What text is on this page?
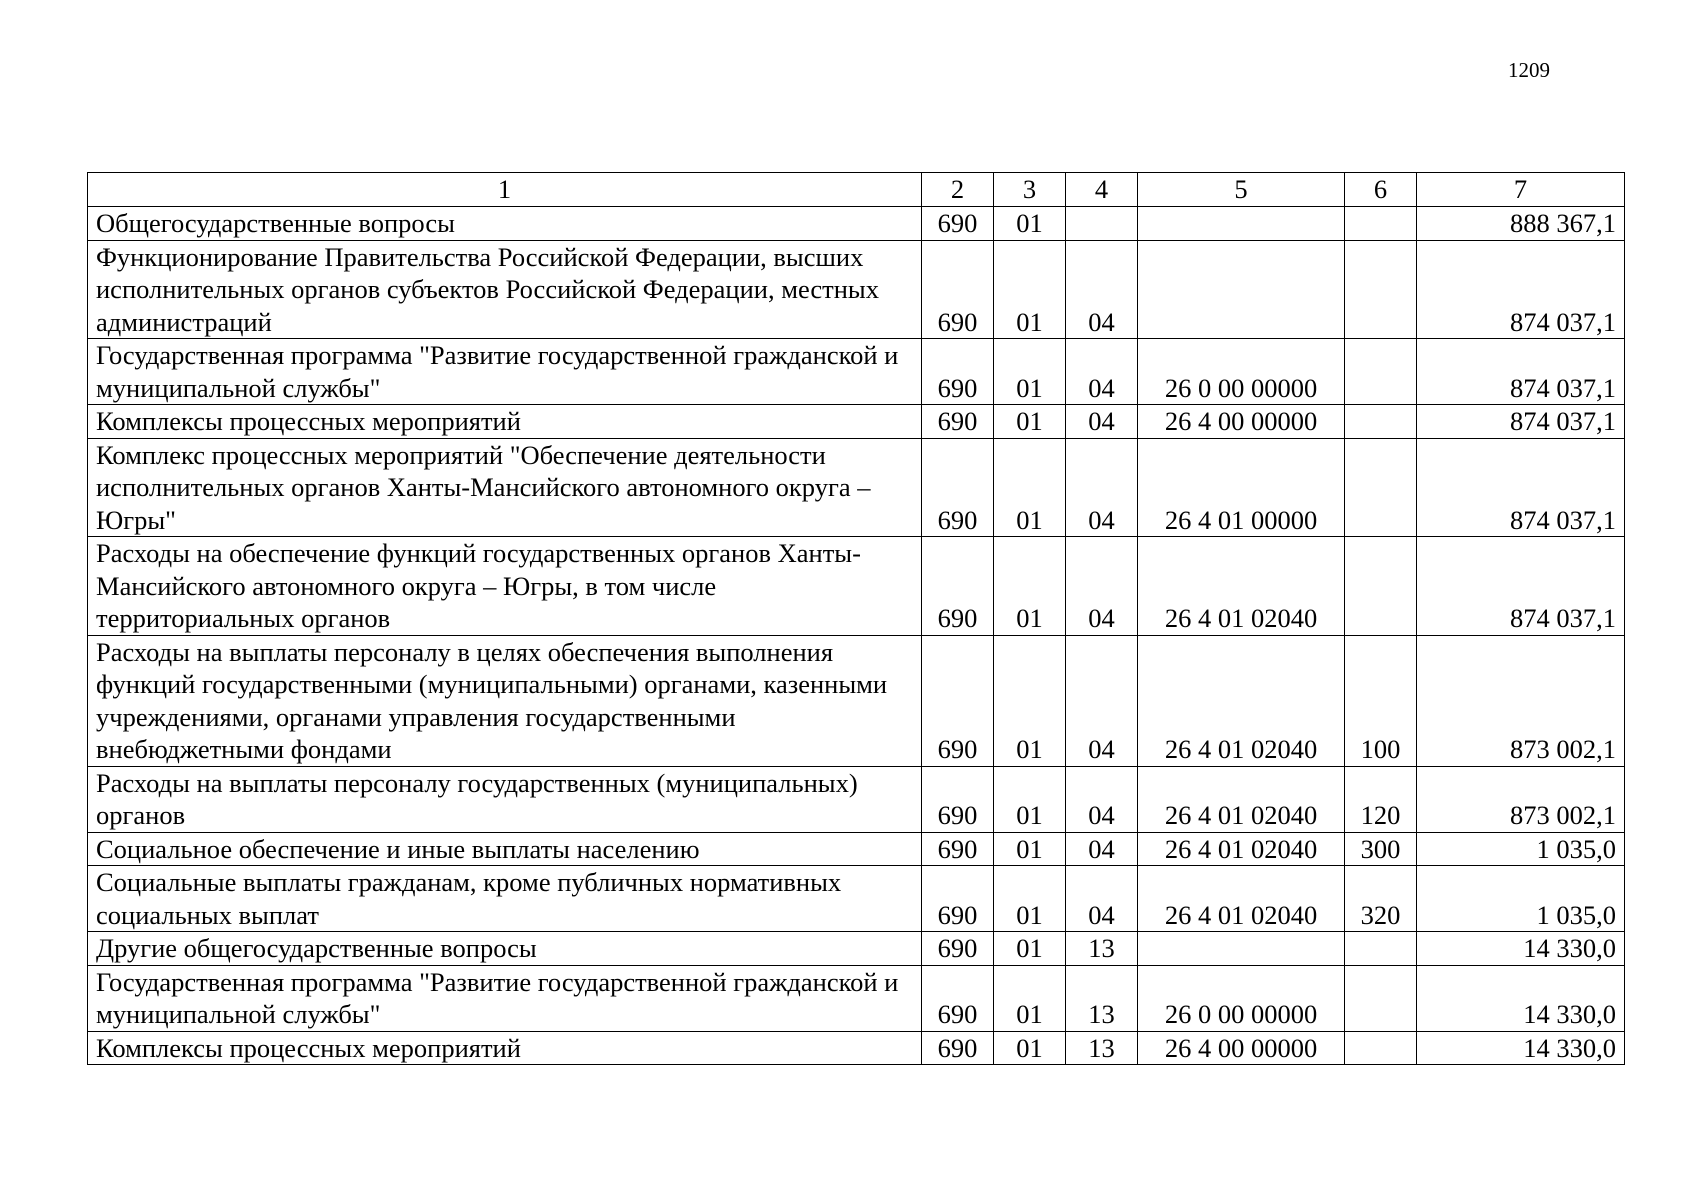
1209
1	2	3	4	5	6	7
Общегосударственные вопросы	690	01				888 367,1
Функционирование Правительства Российской Федерации, высших исполнительных органов субъектов Российской Федерации, местных администраций	690	01	04			874 037,1
Государственная программа "Развитие государственной гражданской и муниципальной службы"	690	01	04	26 0 00 00000		874 037,1
Комплексы процессных мероприятий	690	01	04	26 4 00 00000		874 037,1
Комплекс процессных мероприятий "Обеспечение деятельности исполнительных органов Ханты-Мансийского автономного округа – Югры"	690	01	04	26 4 01 00000		874 037,1
Расходы на обеспечение функций государственных органов Ханты-Мансийского автономного округа – Югры, в том числе территориальных органов	690	01	04	26 4 01 02040		874 037,1
Расходы на выплаты персоналу в целях обеспечения выполнения функций государственными (муниципальными) органами, казенными учреждениями, органами управления государственными внебюджетными фондами	690	01	04	26 4 01 02040	100	873 002,1
Расходы на выплаты персоналу государственных (муниципальных) органов	690	01	04	26 4 01 02040	120	873 002,1
Социальное обеспечение и иные выплаты населению	690	01	04	26 4 01 02040	300	1 035,0
Социальные выплаты гражданам, кроме публичных нормативных социальных выплат	690	01	04	26 4 01 02040	320	1 035,0
Другие общегосударственные вопросы	690	01	13			14 330,0
Государственная программа "Развитие государственной гражданской и муниципальной службы"	690	01	13	26 0 00 00000		14 330,0
Комплексы процессных мероприятий	690	01	13	26 4 00 00000		14 330,0
